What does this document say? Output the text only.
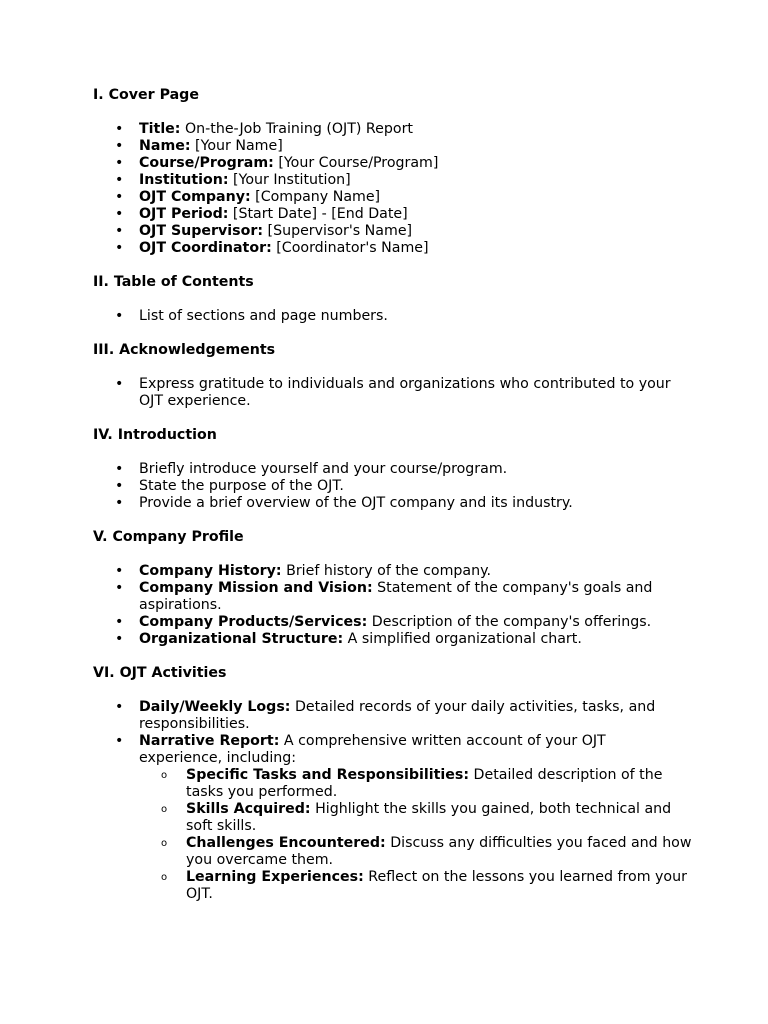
I. Cover Page
• Title: On-the-Job Training (OJT) Report
• Name: [Your Name]
• Course/Program: [Your Course/Program]
• Institution: [Your Institution]
• OJT Company: [Company Name]
• OJT Period: [Start Date] - [End Date]
• OJT Supervisor: [Supervisor's Name]
• OJT Coordinator: [Coordinator's Name]
II. Table of Contents
• List of sections and page numbers.
III. Acknowledgements
• Express gratitude to individuals and organizations who contributed to your OJT experience.
IV. Introduction
• Briefly introduce yourself and your course/program.
• State the purpose of the OJT.
• Provide a brief overview of the OJT company and its industry.
V. Company Profile
• Company History: Brief history of the company.
• Company Mission and Vision: Statement of the company's goals and aspirations.
• Company Products/Services: Description of the company's offerings.
• Organizational Structure: A simplified organizational chart.
VI. OJT Activities
• Daily/Weekly Logs: Detailed records of your daily activities, tasks, and responsibilities.
• Narrative Report: A comprehensive written account of your OJT experience, including:
o Specific Tasks and Responsibilities: Detailed description of the tasks you performed.
o Skills Acquired: Highlight the skills you gained, both technical and soft skills.
o Challenges Encountered: Discuss any difficulties you faced and how you overcame them.
o Learning Experiences: Reflect on the lessons you learned from your OJT.
